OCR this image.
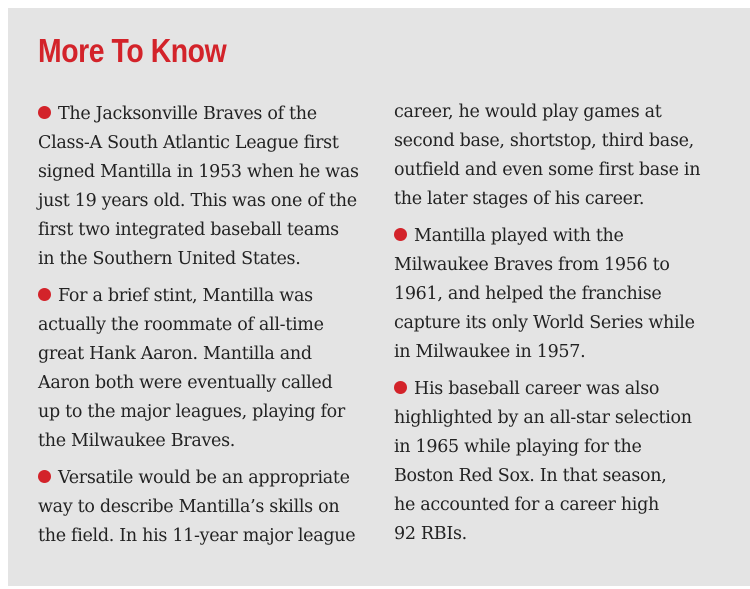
More To Know

The Jacksonville Braves of the
Class-A South Atlantic League first
signed Mantilla in 1953 when he was
just 19 years old. This was one of the
first two integrated baseball teams
in the Southern United States.

For a brief stint, Mantilla was
actually the roommate of all-time
great Hank Aaron. Mantilla and
Aaron both were eventually called
up to the major leagues, playing for
the Milwaukee Braves.

Versatile would be an appropriate
way to describe Mantilla’s skills on
the field. In his 11-year major league

career, he would play games at
second base, shortstop, third base,
outfield and even some first base in
the later stages of his career.

Mantilla played with the
Milwaukee Braves from 1956 to
1961, and helped the franchise
capture its only World Series while
in Milwaukee in 1957.

His baseball career was also
highlighted by an all-star selection
in 1965 while playing for the
Boston Red Sox. In that season,
he accounted for a career high
92 RBIs.
